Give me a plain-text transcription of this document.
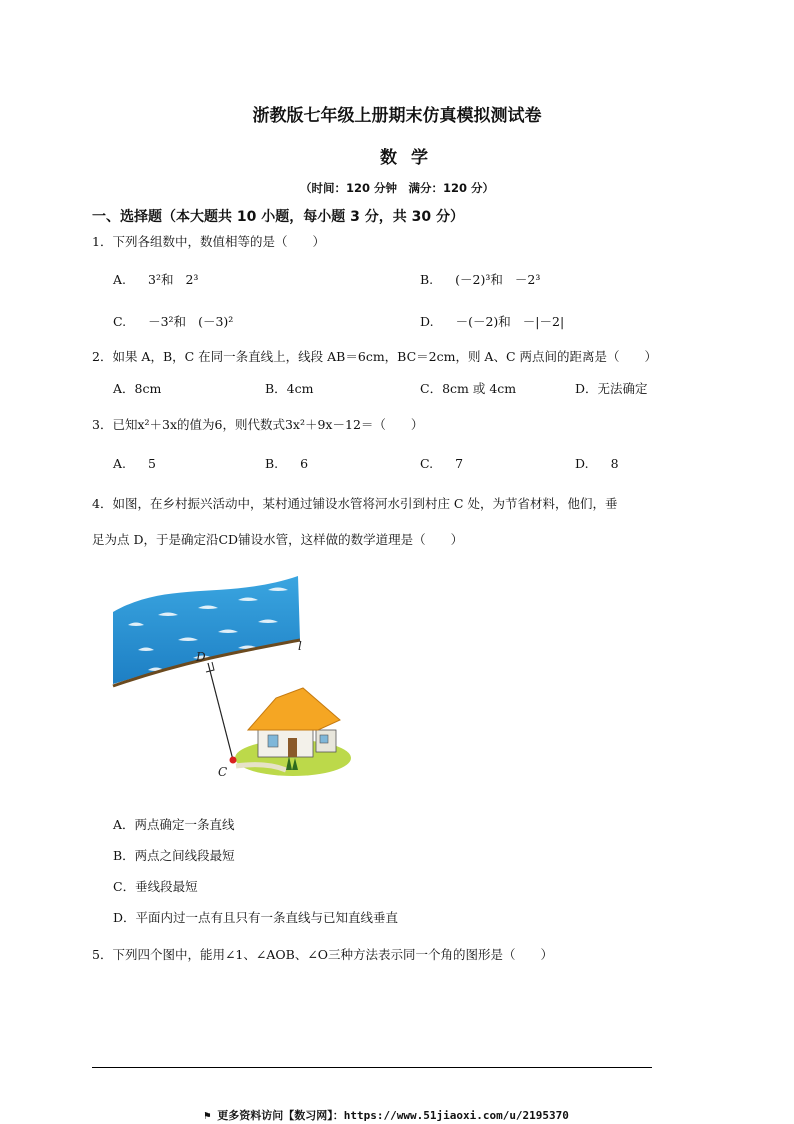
浙教版七年级上册期末仿真模拟测试卷
数学
（时间：120 分钟　满分：120 分）
一、选择题（本大题共 10 小题，每小题 3 分，共 30 分）
1．下列各组数中，数值相等的是（　　）
A. 3²和 2³	B. (－2)³和 －2³
C. －3²和 (－3)²	D. －(－2)和 －|－2|
2．如果 A，B，C 在同一条直线上，线段 AB＝6cm，BC＝2cm，则 A、C 两点间的距离是（　　）
A．8cm	B．4cm	C．8cm 或 4cm	D．无法确定
3．已知x²＋3x的值为6，则代数式3x²＋9x－12＝（　　）
A. 5	B. 6	C. 7	D. 8
4．如图，在乡村振兴活动中，某村通过铺设水管将河水引到村庄 C 处，为节省材料，他们，垂
足为点 D，于是确定沿CD铺设水管，这样做的数学道理是（　　）
l
D
C
A．两点确定一条直线
B．两点之间线段最短
C．垂线段最短
D．平面内过一点有且只有一条直线与已知直线垂直
5．下列四个图中，能用∠1、∠AOB、∠O三种方法表示同一个角的图形是（　　）
⚑ 更多资料访问【数习网】：https://www.51jiaoxi.com/u/2195370
